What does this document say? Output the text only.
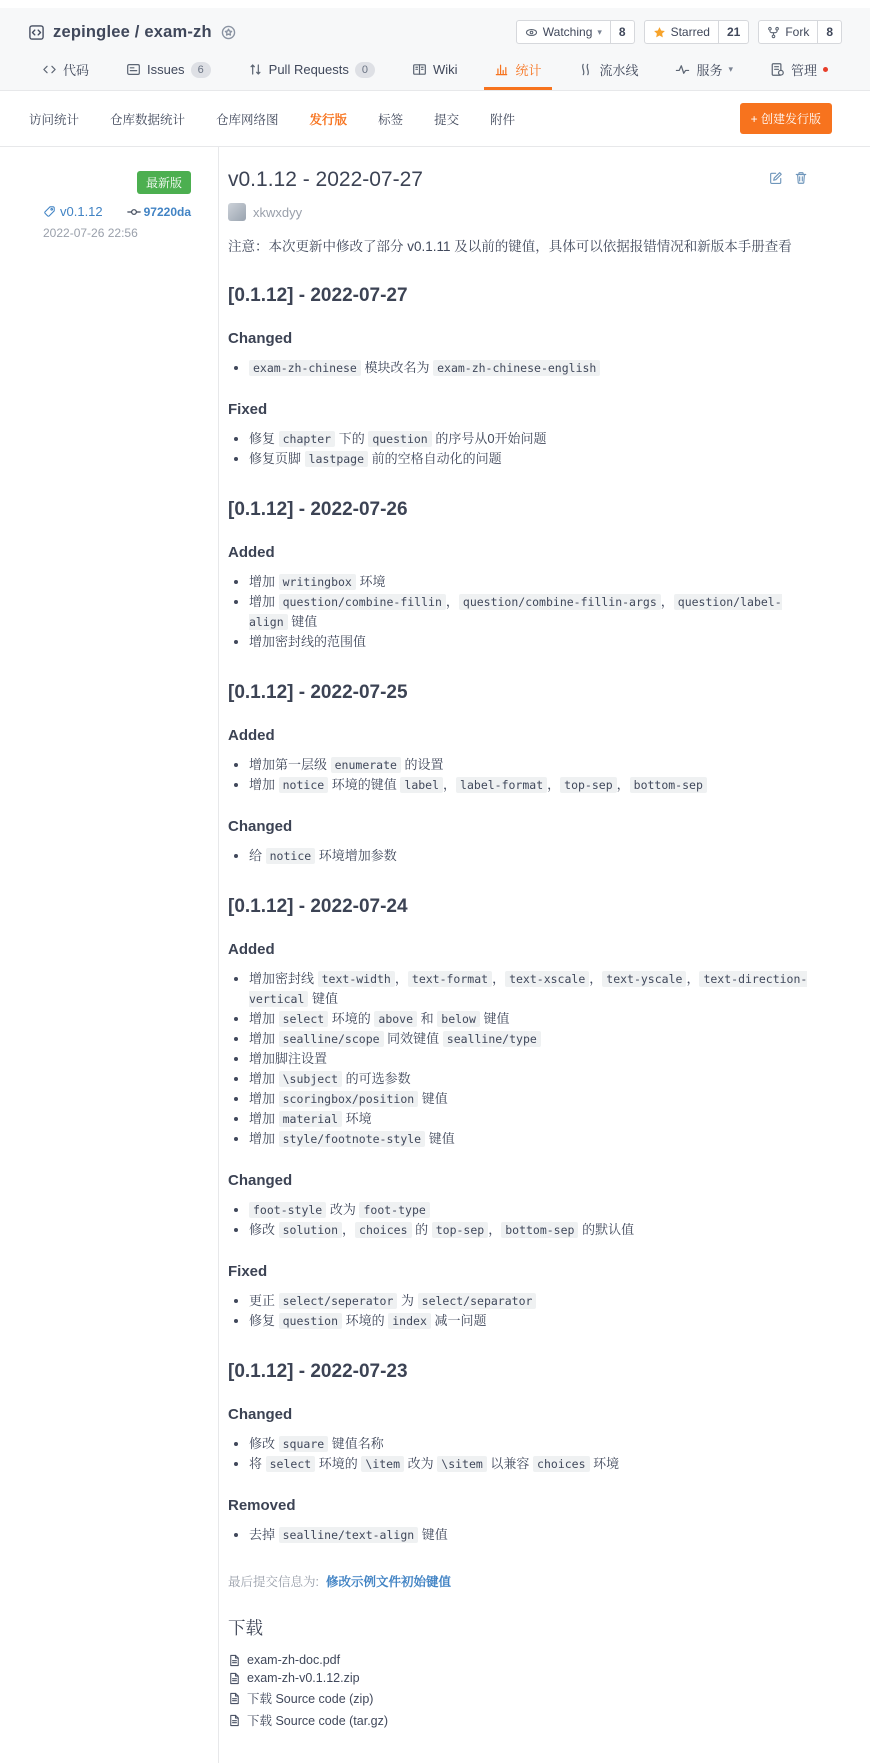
zepinglee / exam-zh	Watching ▾	8	Starred	21	Fork	8
代码	Issues	6	Pull Requests	0	Wiki	统计	流水线	服务 ▾	管理
访问统计 仓库数据统计 仓库网络图 发行版 标签 提交 附件	+ 创建发行版
最新版
v0.1.12	97220da
2022-07-26 22:56
v0.1.12 - 2022-07-27
xkwxdyy

注意：本次更新中修改了部分 v0.1.11 及以前的键值，具体可以依据报错情况和新版本手册查看

[0.1.12] - 2022-07-27
Changed
• exam-zh-chinese 模块改名为 exam-zh-chinese-english
Fixed
• 修复 chapter 下的 question 的序号从0开始问题
• 修复页脚 lastpage 前的空格自动化的问题
[0.1.12] - 2022-07-26
Added
• 增加 writingbox 环境
• 增加 question/combine-fillin ， question/combine-fillin-args ， question/label-align 键值
• 增加密封线的范围值
[0.1.12] - 2022-07-25
Added
• 增加第一层级 enumerate 的设置
• 增加 notice 环境的键值 label ， label-format ， top-sep ， bottom-sep
Changed
• 给 notice 环境增加参数
[0.1.12] - 2022-07-24
Added
• 增加密封线 text-width ， text-format ， text-xscale ， text-yscale ， text-direction-vertical 键值
• 增加 select 环境的 above 和 below 键值
• 增加 sealline/scope 同效键值 sealline/type
• 增加脚注设置
• 增加 \subject 的可选参数
• 增加 scoringbox/position 键值
• 增加 material 环境
• 增加 style/footnote-style 键值
Changed
• foot-style 改为 foot-type
• 修改 solution ， choices 的 top-sep ， bottom-sep 的默认值
Fixed
• 更正 select/seperator 为 select/separator
• 修复 question 环境的 index 减一问题
[0.1.12] - 2022-07-23
Changed
• 修改 square 键值名称
• 将 select 环境的 \item 改为 \sitem 以兼容 choices 环境
Removed
• 去掉 sealline/text-align 键值
最后提交信息为: 修改示例文件初始键值
下载
exam-zh-doc.pdf
exam-zh-v0.1.12.zip
下载 Source code (zip)
下载 Source code (tar.gz)
